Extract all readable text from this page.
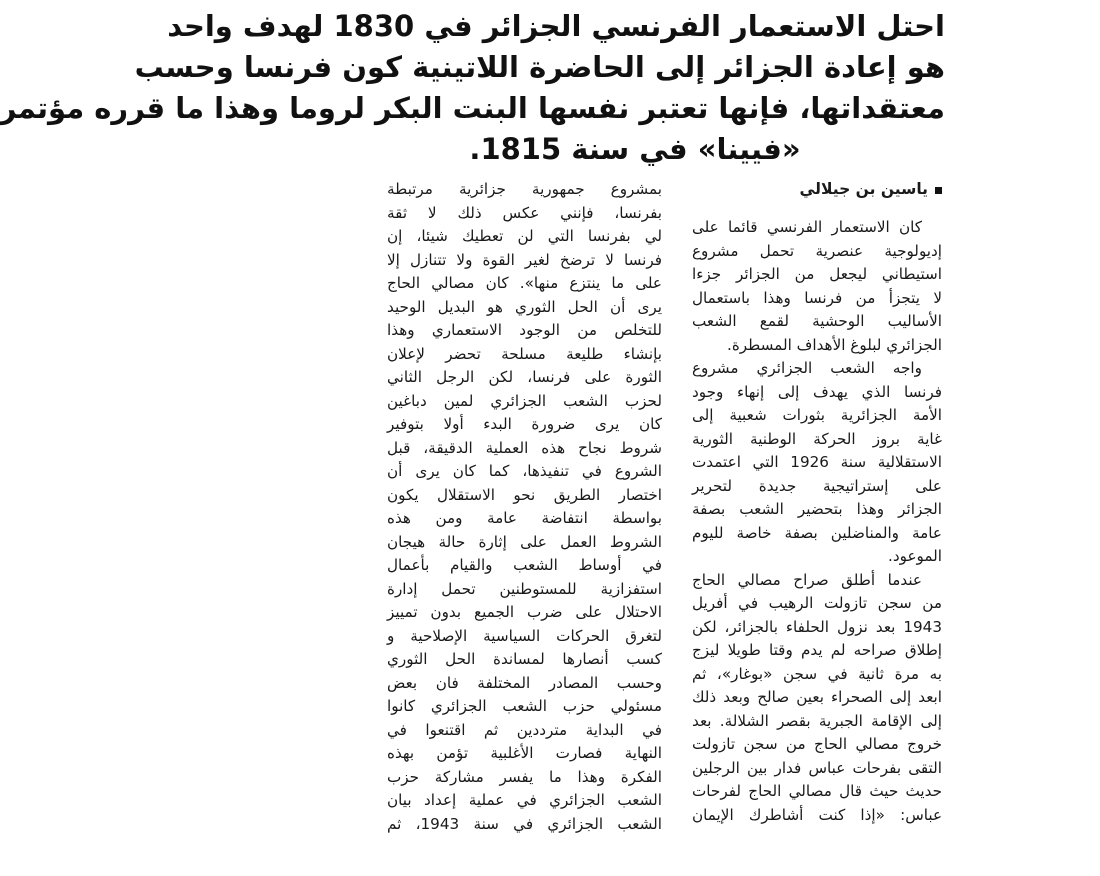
احتل الاستعمار الفرنسي الجزائر في 1830 لهدف واحد
هو إعادة الجزائر إلى الحاضرة اللاتينية كون فرنسا وحسب
معتقداتها، فإنها تعتبر نفسها البنت البكر لروما وهذا ما قرره مؤتمر
«فيينا» في سنة 1815.
ياسين بن جيلالي

كان الاستعمار الفرنسي قائما على
إديولوجية عنصرية تحمل مشروع
استيطاني ليجعل من الجزائر جزءا
لا يتجزأ من فرنسا وهذا باستعمال
الأساليب الوحشية لقمع الشعب
الجزائري لبلوغ الأهداف المسطرة.

واجه الشعب الجزائري مشروع
فرنسا الذي يهدف إلى إنهاء وجود
الأمة الجزائرية بثورات شعبية إلى
غاية بروز الحركة الوطنية الثورية
الاستقلالية سنة 1926 التي اعتمدت
على إستراتيجية جديدة لتحرير
الجزائر وهذا بتحضير الشعب بصفة
عامة والمناضلين بصفة خاصة لليوم
الموعود.

عندما أطلق صراح مصالي الحاج
من سجن تازولت الرهيب في أفريل
1943 بعد نزول الحلفاء بالجزائر، لكن
إطلاق صراحه لم يدم وقتا طويلا ليزج
به مرة ثانية في سجن «بوغار»، ثم
ابعد إلى الصحراء بعين صالح وبعد ذلك
إلى الإقامة الجبرية بقصر الشلالة. بعد
خروج مصالي الحاج من سجن تازولت
التقى بفرحات عباس فدار بين الرجلين
حديث حيث قال مصالي الحاج لفرحات
عباس: «إذا كنت أشاطرك الإيمان

بمشروع جمهورية جزائرية مرتبطة
بفرنسا، فإنني عكس ذلك لا ثقة
لي بفرنسا التي لن تعطيك شيئا، إن
فرنسا لا ترضخ لغير القوة ولا تتنازل إلا
على ما ينتزع منها». كان مصالي الحاج
يرى أن الحل الثوري هو البديل الوحيد
للتخلص من الوجود الاستعماري وهذا
بإنشاء طليعة مسلحة تحضر لإعلان
الثورة على فرنسا، لكن الرجل الثاني
لحزب الشعب الجزائري لمين دباغين
كان يرى ضرورة البدء أولا بتوفير
شروط نجاح هذه العملية الدقيقة، قبل
الشروع في تنفيذها، كما كان يرى أن
اختصار الطريق نحو الاستقلال يكون
بواسطة انتفاضة عامة ومن هذه
الشروط العمل على إثارة حالة هيجان
في أوساط الشعب والقيام بأعمال
استفزازية للمستوطنين تحمل إدارة
الاحتلال على ضرب الجميع بدون تمييز
لتغرق الحركات السياسية الإصلاحية و
كسب أنصارها لمساندة الحل الثوري
وحسب المصادر المختلفة فان بعض
مسئولي حزب الشعب الجزائري كانوا
في البداية مترددين ثم اقتنعوا في
النهاية فصارت الأغلبية تؤمن بهذه
الفكرة وهذا ما يفسر مشاركة حزب
الشعب الجزائري في عملية إعداد بيان
الشعب الجزائري في سنة 1943، ثم
